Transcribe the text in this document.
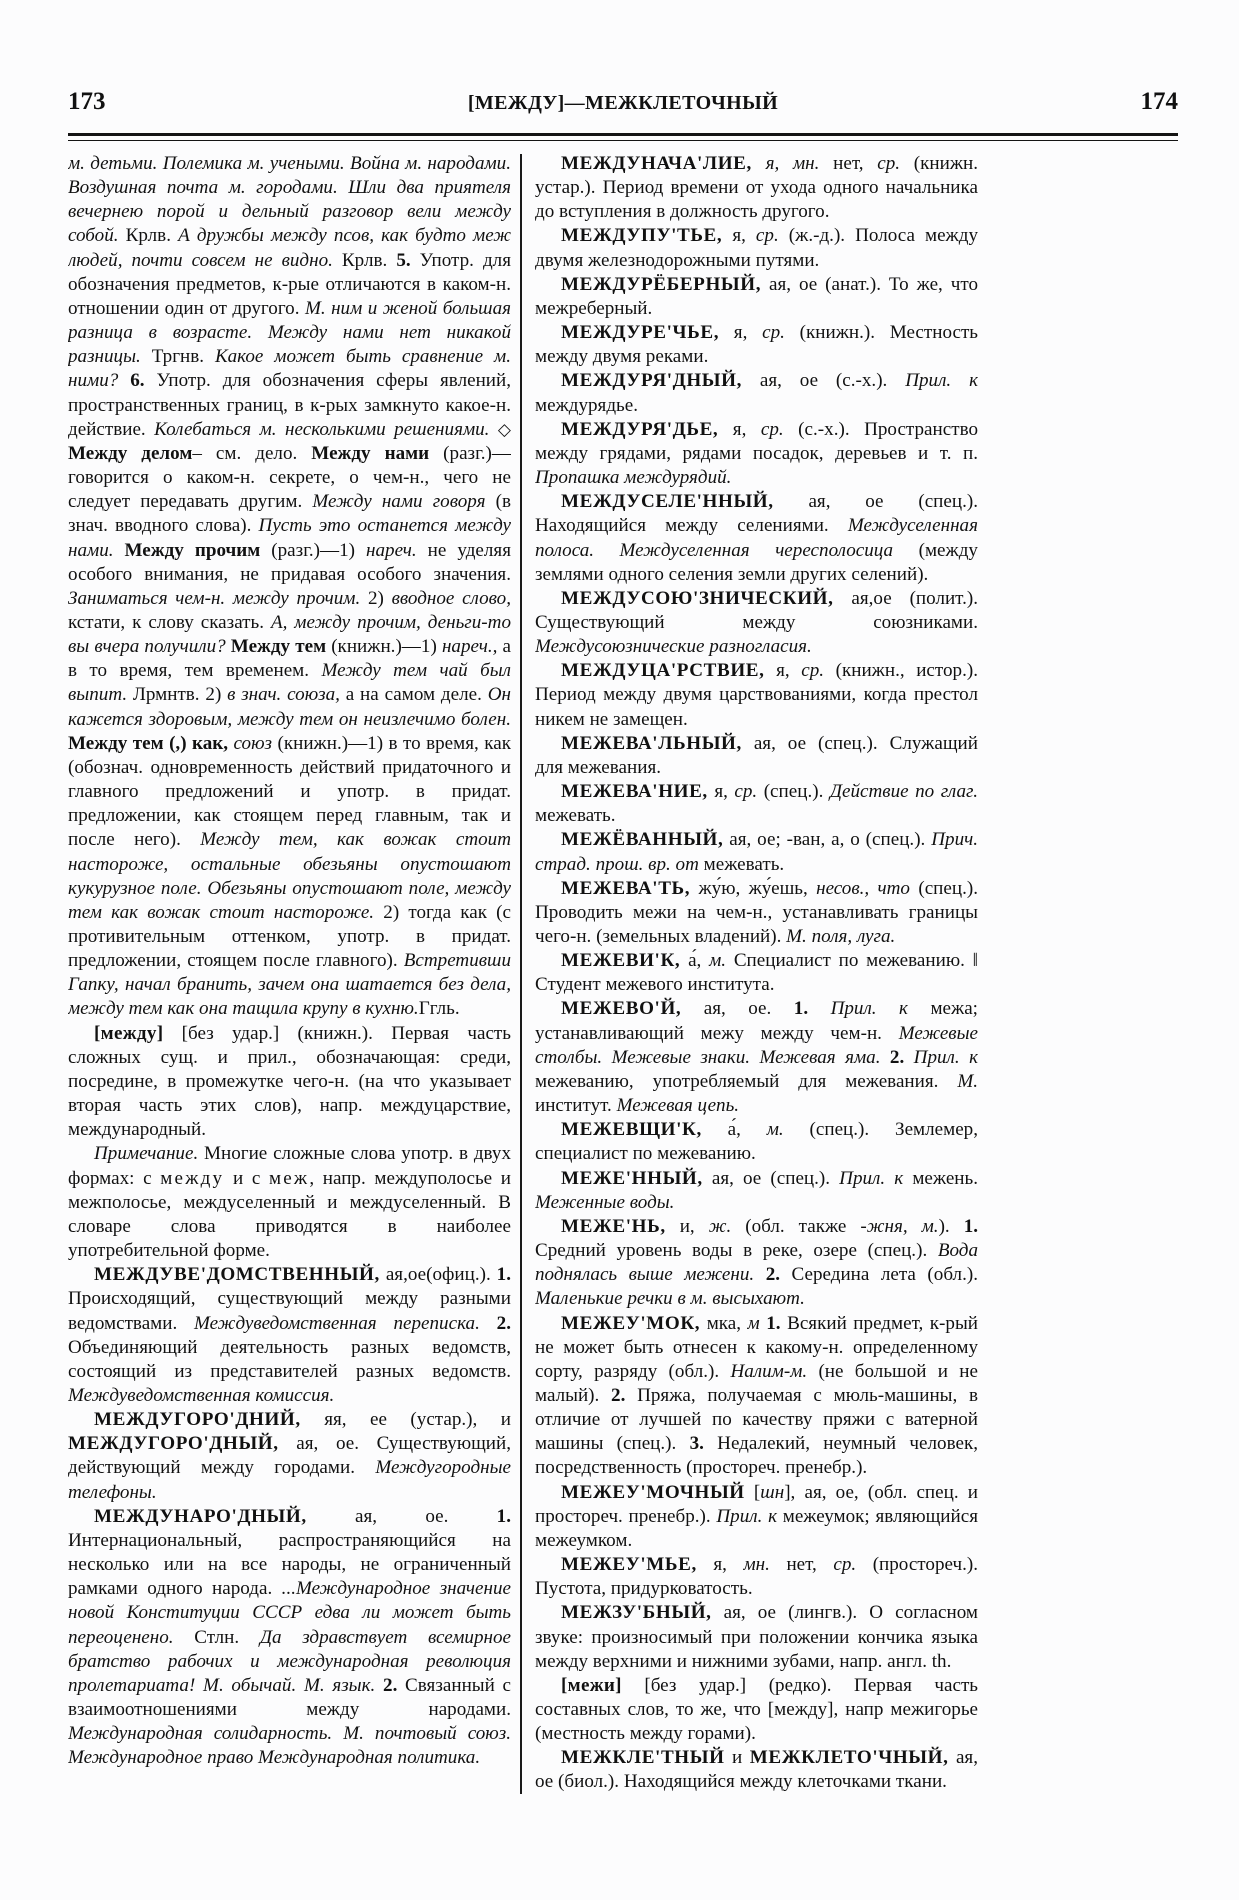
173	[МЕЖДУ]—МЕЖКЛЕТОЧНЫЙ	174

м. детьми. Полемика м. учеными. Война м. народами. Воздушная почта м. городами. Шли два приятеля вечернею порой и дельный разговор вели между собой. Крлв. А дружбы между псов, как будто меж людей, почти совсем не видно. Крлв. 5. Употр. для обозначения предметов, к-рые отличаются в каком-н. отношении один от другого. М. ним и женой большая разница в возрасте. Между нами нет никакой разницы. Тргнв. Какое может быть сравнение м. ними? 6. Употр. для обозначения сферы явлений, пространственных границ, в к-рых замкнуто какое-н. действие. Колебаться м. несколькими решениями. ◇ Между делом– см. дело. Между нами (разг.)—говорится о каком-н. секрете, о чем-н., чего не следует передавать другим. Между нами говоря (в знач. вводного слова). Пусть это останется между нами. Между прочим (разг.)—1) нареч. не уделяя особого внимания, не придавая особого значения. Заниматься чем-н. между прочим. 2) вводное слово, кстати, к слову сказать. А, между прочим, деньги-то вы вчера получили? Между тем (книжн.)—1) нареч., а в то время, тем временем. Между тем чай был выпит. Лрмнтв. 2) в знач. союза, а на самом деле. Он кажется здоровым, между тем он неизлечимо болен. Между тем (,) как, союз (книжн.)—1) в то время, как (обознач. одновременность действий придаточного и главного предложений и употр. в придат. предложении, как стоящем перед главным, так и после него). Между тем, как вожак стоит настороже, остальные обезьяны опустошают кукурузное поле. Обезьяны опустошают поле, между тем как вожак стоит настороже. 2) тогда как (с противительным оттенком, употр. в придат. предложении, стоящем после главного). Встретивши Гапку, начал бранить, зачем она шатается без дела, между тем как она тащила крупу в кухню.Ггль.

[между] [без удар.] (книжн.). Первая часть сложных сущ. и прил., обозначающая: среди, посредине, в промежутке чего-н. (на что указывает вторая часть этих слов), напр. междуцарствие, международный.

Примечание. Многие сложные слова употр. в двух формах: с между и с меж, напр. междуполосье и межполосье, междуселенный и междуселенный. В словаре слова приводятся в наиболее употребительной форме.

МЕЖДУВЕ'ДОМСТВЕННЫЙ, ая,ое(офиц.). 1. Происходящий, существующий между разными ведомствами. Междуведомственная переписка. 2. Объединяющий деятельность разных ведомств, состоящий из представителей разных ведомств. Междуведомственная комиссия.

МЕЖДУГОРО'ДНИЙ, яя, ее (устар.), и МЕЖДУГОРО'ДНЫЙ, ая, ое. Существующий, действующий между городами. Междугородные телефоны.

МЕЖДУНАРО'ДНЫЙ, ая, ое. 1. Интернациональный, распространяющийся на несколько или на все народы, не ограниченный рамками одного народа. ...Международное значение новой Конституции СССР едва ли может быть переоценено. Стлн. Да здравствует всемирное братство рабочих и международная революция пролетариата! М. обычай. М. язык. 2. Связанный с взаимоотношениями между народами. Международная солидарность. М. почтовый союз. Международное право Международная политика.

МЕЖДУНАЧА'ЛИЕ, я, мн. нет, ср. (книжн. устар.). Период времени от ухода одного начальника до вступления в должность другого.

МЕЖДУПУ'ТЬЕ, я, ср. (ж.-д.). Полоса между двумя железнодорожными путями.

МЕЖДУРЁБЕРНЫЙ, ая, ое (анат.). То же, что межреберный.

МЕЖДУРЕ'ЧЬЕ, я, ср. (книжн.). Местность между двумя реками.

МЕЖДУРЯ'ДНЫЙ, ая, ое (с.-х.). Прил. к междурядье.

МЕЖДУРЯ'ДЬЕ, я, ср. (с.-х.). Пространство между грядами, рядами посадок, деревьев и т. п. Пропашка междурядий.

МЕЖДУСЕЛЕ'ННЫЙ, ая, ое (спец.). Находящийся между селениями. Междуселенная полоса. Междуселенная чересполосица (между землями одного селения земли других селений).

МЕЖДУСОЮ'ЗНИЧЕСКИЙ, ая,ое (полит.). Существующий между союзниками. Междусоюзнические разногласия.

МЕЖДУЦА'РСТВИЕ, я, ср. (книжн., истор.). Период между двумя царствованиями, когда престол никем не замещен.

МЕЖЕВА'ЛЬНЫЙ, ая, ое (спец.). Служащий для межевания.

МЕЖЕВА'НИЕ, я, ср. (спец.). Действие по глаг. межевать.

МЕЖЁВАННЫЙ, ая, ое; -ван, а, о (спец.). Прич. страд. прош. вр. от межевать.

МЕЖЕВА'ТЬ, жу́ю, жу́ешь, несов., что (спец.). Проводить межи на чем-н., устанавливать границы чего-н. (земельных владений). М. поля, луга.

МЕЖЕВИ'К, а́, м. Специалист по межеванию. ǁ Студент межевого института.

МЕЖЕВО'Й, ая, ое. 1. Прил. к межа; устанавливающий межу между чем-н. Межевые столбы. Межевые знаки. Межевая яма. 2. Прил. к межеванию, употребляемый для межевания. М. институт. Межевая цепь.

МЕЖЕВЩИ'К, а́, м. (спец.). Землемер, специалист по межеванию.

МЕЖЕ'ННЫЙ, ая, ое (спец.). Прил. к межень. Меженные воды.

МЕЖЕ'НЬ, и, ж. (обл. также -жня, м.). 1. Средний уровень воды в реке, озере (спец.). Вода поднялась выше межени. 2. Середина лета (обл.). Маленькие речки в м. высыхают.

МЕЖЕУ'МОК, мка, м 1. Всякий предмет, к-рый не может быть отнесен к какому-н. определенному сорту, разряду (обл.). Налим-м. (не большой и не малый). 2. Пряжа, получаемая с мюль-машины, в отличие от лучшей по качеству пряжи с ватерной машины (спец.). 3. Недалекий, неумный человек, посредственность (простореч. пренебр.).

МЕЖЕУ'МОЧНЫЙ [шн], ая, ое, (обл. спец. и простореч. пренебр.). Прил. к межеумок; являющийся межеумком.

МЕЖЕУ'МЬЕ, я, мн. нет, ср. (простореч.). Пустота, придурковатость.

МЕЖЗУ'БНЫЙ, ая, ое (лингв.). О согласном звуке: произносимый при положении кончика языка между верхними и нижними зубами, напр. англ. th.

[межи] [без удар.] (редко). Первая часть составных слов, то же, что [между], напр межигорье (местность между горами).

МЕЖКЛЕ'ТНЫЙ и МЕЖКЛЕТО'ЧНЫЙ, ая, ое (биол.). Находящийся между клеточками ткани.
